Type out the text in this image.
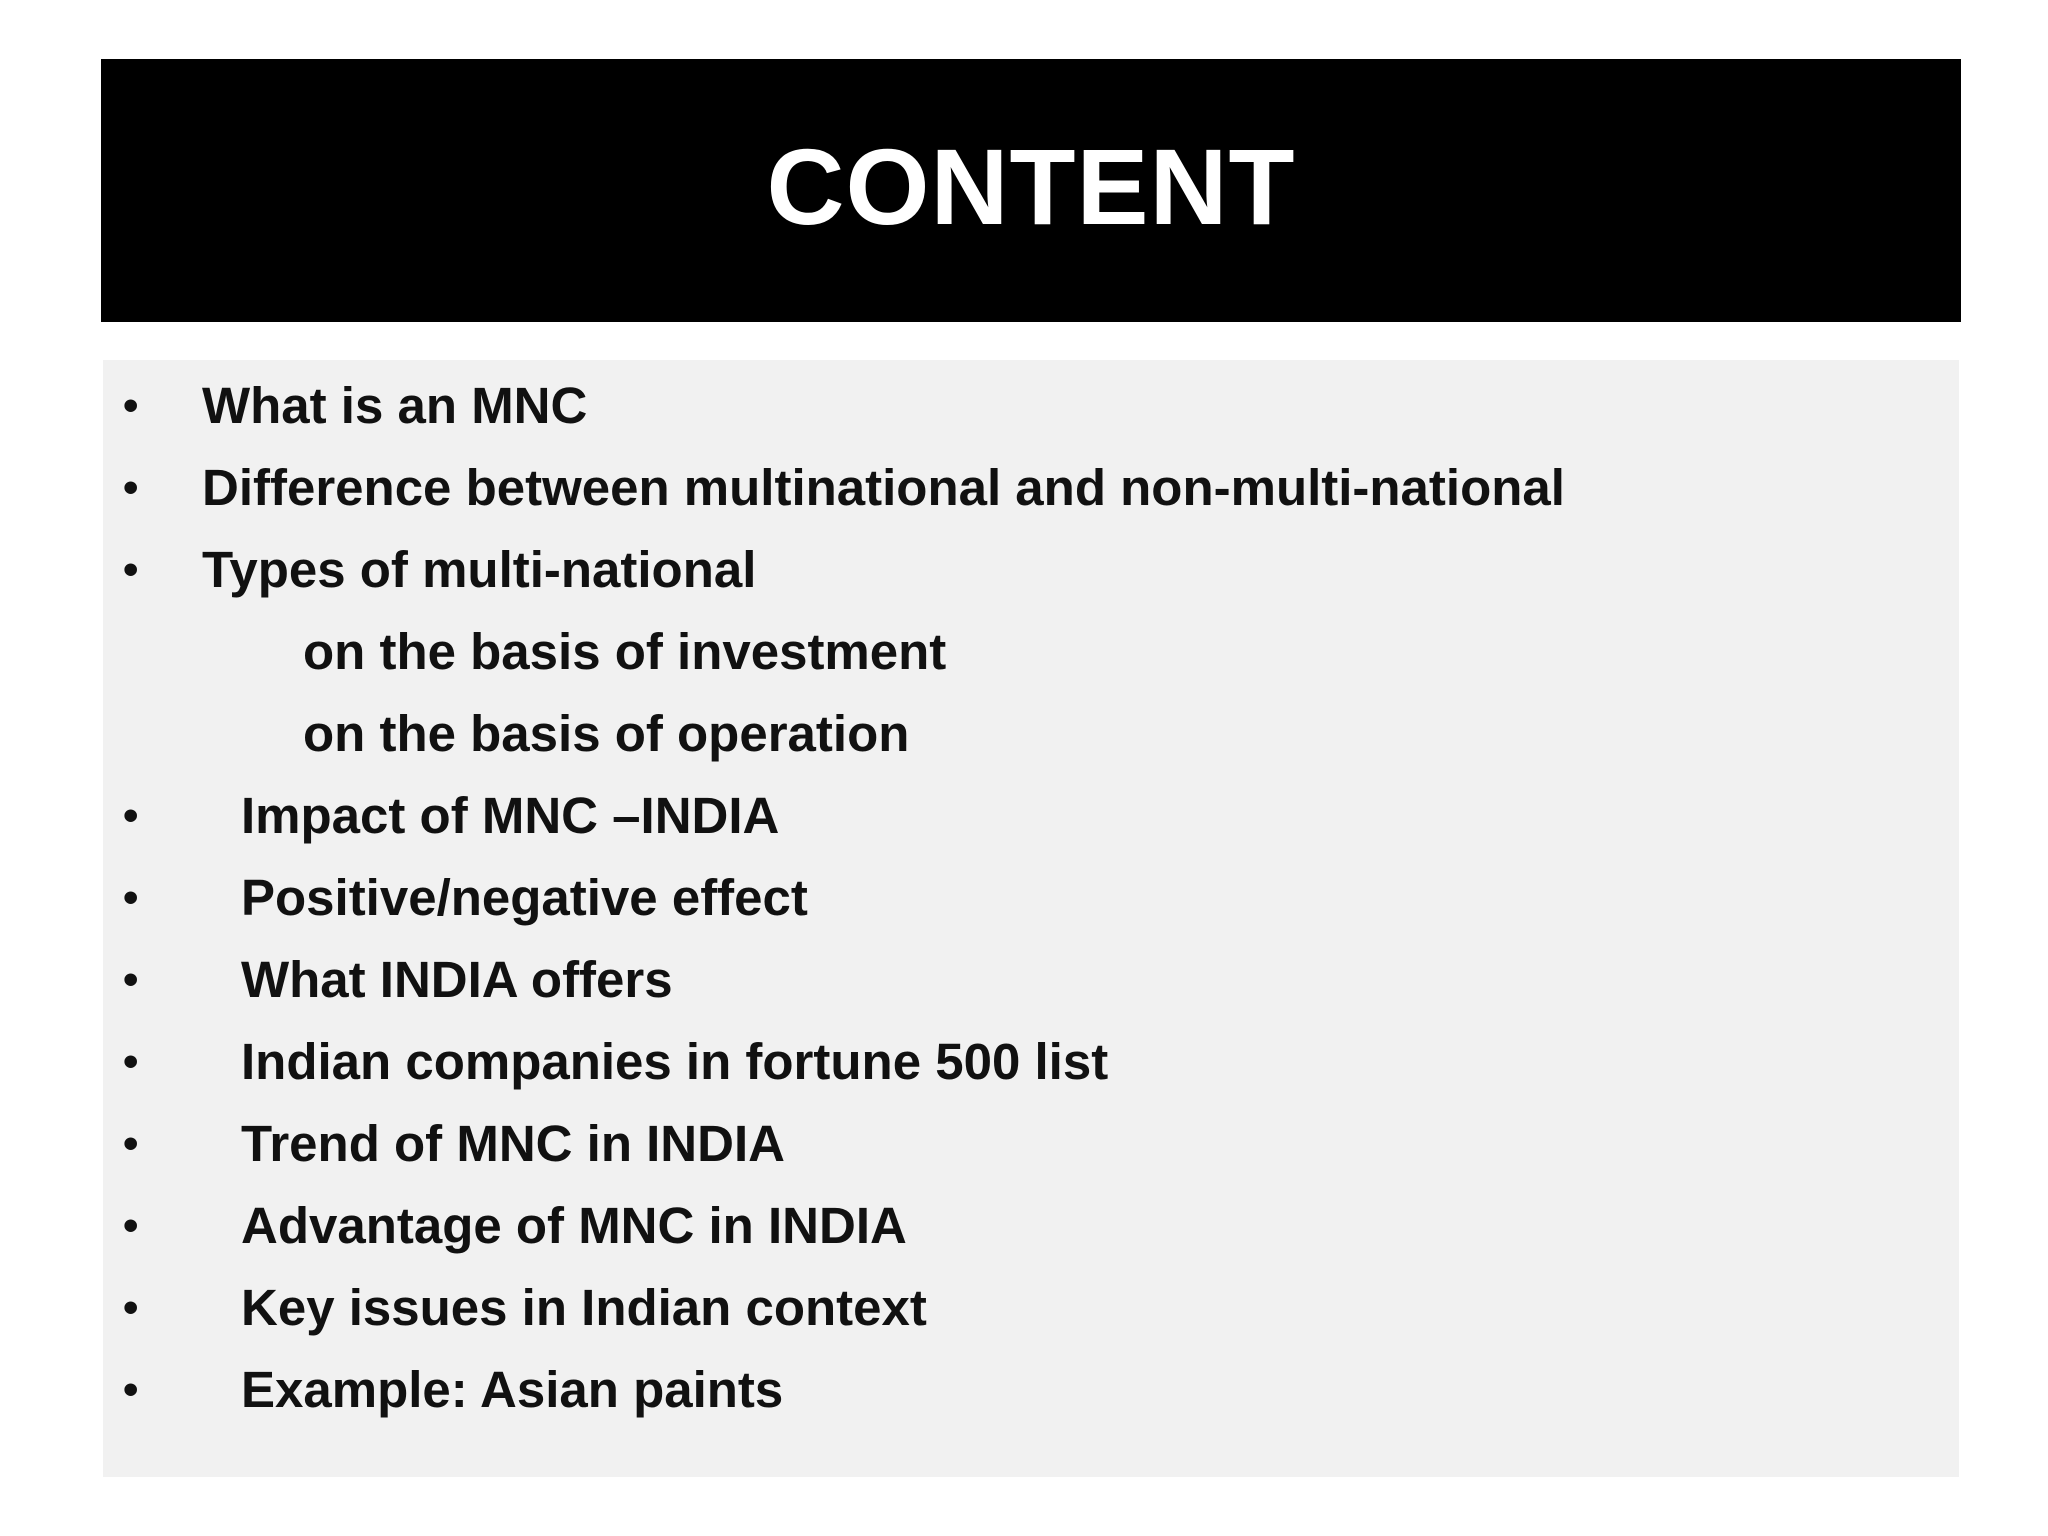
CONTENT
• What is an MNC
• Difference between multinational and non-multi-national
• Types of multi-national
on the basis of investment
on the basis of operation
• Impact of MNC –INDIA
• Positive/negative effect
• What INDIA offers
• Indian companies in fortune 500 list
• Trend of MNC in INDIA
• Advantage of MNC in INDIA
• Key issues in Indian context
• Example: Asian paints
